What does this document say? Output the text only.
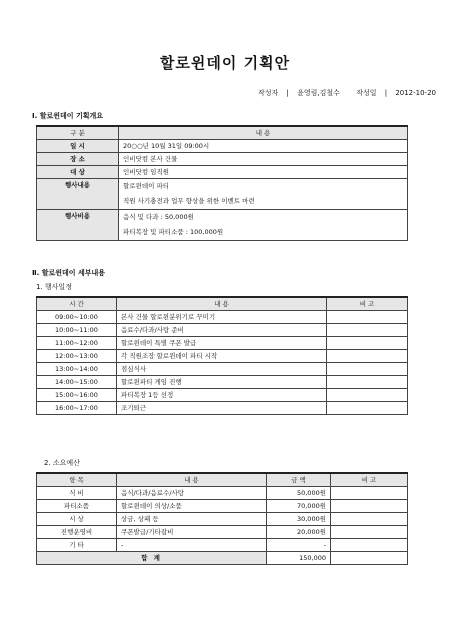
할로윈데이 기획안
작성자 | 윤영림,김철수 작성일 | 2012-10-20
Ⅰ. 할로윈데이 기획개요
구 분	내 용
일 시	20○○년 10월 31일 09:00시
장 소	인비닷컴 본사 건물
대 상	인비닷컴 임직원
행사내용	할로윈데이 파티
	직원 사기충전과 업무 향상을 위한 이벤트 마련
행사비용	음식 및 다과 : 50,000원
	파티복장 및 파티소품 : 100,000원
Ⅱ. 할로윈데이 세부내용
1. 행사일정
시 간	내 용	비 고
09:00~10:00	본사 건물 할로윈분위기로 꾸미기	
10:00~11:00	음료수/다과/사탕 준비	
11:00~12:00	할로윈데이 특별 쿠폰 발급	
12:00~13:00	각 직원조장 할로윈데이 파티 시작	
13:00~14:00	점심식사	
14:00~15:00	할로윈파티 게임 진행	
15:00~16:00	파티복장 1등 선정	
16:00~17:00	조기퇴근	
2. 소요예산
항 목	내 용	금 액	비 고
식 비	음식/다과/음료수/사탕	50,000원	
파티소품	할로윈데이 의상/소품	70,000원	
시 상	상금, 상패 등	30,000원	
진행운영비	쿠폰발급/기타잡비	20,000원	
기 타	-	-	
합 계		150,000	
